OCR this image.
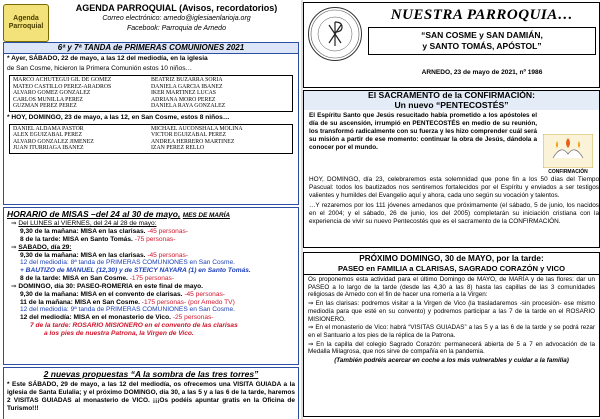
Agenda Parroquial
AGENDA PARROQUIAL (Avisos, recordatorios)
Correo electrónico: arnedo@iglesiaenlarioja.org
Facebook: Parroquia de Arnedo
6ª y 7ª TANDA de PRIMERAS COMUNIONES 2021
* Ayer, SÁBADO, 22 de mayo, a las 12 del mediodía, en la iglesia
de San Cosme, hicieron la Primera Comunión estos 10 niños…
MARCO ACHÚTEGUI GIL DE GÓMEZ	BEATRIZ BUZARRA SORIA
MATEO CASTILLO PÉREZ-ARADROS	DANIELA GARCÍA IBÁÑEZ
ÁLVARO GÓMEZ GONZÁLEZ	IKER MARTÍNEZ LUCAS
CARLOS MUNILLA PÉREZ	ADRIANA MORO PÉREZ
GUZMÁN PÉREZ PÉREZ	DANIELA RAYA GONZÁLEZ
* HOY, DOMINGO, 23 de mayo, a las 12, en San Cosme, estos 8 niños…
DANIEL ALDAMA PASTOR	MICHAEL AUCONSHALA MOLINA
ALEX EGUIZÁBAL PÉREZ	VÍCTOR EGUIZÁBAL PÉREZ
ÁLVARO GONZÁLEZ JIMÉNEZ	ANDREA HERRERO MARTÍNEZ
JUAN ITURRIAGA IBÁÑEZ	IZAN PÉREZ RELLO
HORARIO de MISAS –del 24 al 30 de mayo, MES DE MARÍA
⇒ Del LUNES al VIERNES, del 24 al 28 de mayo:
9,30 de la mañana: MISA en las clarisas. -45 personas-
8 de la tarde: MISA en Santo Tomás. -75 personas-
⇒ SÁBADO, día 29:
9,30 de la mañana: MISA en las clarisas. -45 personas-
12 del mediodía: 8ª tanda de PRIMERAS COMUNIONES en San Cosme.
+ BAUTIZO de MANUEL (12,30) y de STEICY NAYARA (1) en Santo Tomás.
8 de la tarde: MISA en San Cosme. -175 personas-
⇒ DOMINGO, día 30: PASEO-ROMERÍA en este final de mayo.
9,30 de la mañana: MISA en el convento de clarisas. -45 personas-
11 de la mañana: MISA en San Cosme. -175 personas- (por Arnedo TV)
12 del mediodía: 9ª tanda de PRIMERAS COMUNIONES en San Cosme.
12 del mediodía: MISA en el monasterio de Vico. -25 personas-
7 de la tarde: ROSARIO MISIONERO en el convento de las clarisas
a los pies de nuestra Patrona, la Virgen de Vico.
2 nuevas propuestas “A la sombra de las tres torres”
* Este SÁBADO, 29 de mayo, a las 12 del mediodía, os ofrecemos una VISITA GUIADA a la iglesia de Santa Eulalia; y el próximo DOMINGO, día 30, a las 5 y a las 6 de la tarde, haremos 2 VISITAS GUIADAS al monasterio de VICO. ¡¡¡Os podéis apuntar gratis en la Oficina de Turismo!!!
NUESTRA PARROQUIA…
“SAN COSME y SAN DAMIÁN,
y SANTO TOMÁS, APÓSTOL”
ARNEDO, 23 de mayo de 2021, nº 1986
El SACRAMENTO de la CONFIRMACIÓN:
Un nuevo “PENTECOSTÉS”
El Espíritu Santo que Jesús resucitado había prometido a los apóstoles el día de su ascensión, irrumpió en PENTECOSTÉS en medio de su reunión, los transformó radicalmente con su fuerza y les hizo comprender cuál será su misión a partir de ese momento: continuar la obra de Jesús, dándola a conocer por el mundo.

HOY, DOMINGO, día 23, celebraremos esta solemnidad que pone fin a los 50 días del Tiempo Pascual: todos los bautizados nos sentiremos fortalecidos por el Espíritu y enviados a ser testigos valientes y humildes del Evangelio aquí y ahora, cada uno según su vocación y talentos.

…Y rezaremos por los 111 jóvenes arnedanos que próximamente (el sábado, 5 de junio, los nacidos en el 2004; y el sábado, 26 de junio, los del 2005) completarán su iniciación cristiana con la experiencia de vivir su nuevo Pentecostés que es el sacramento de la CONFIRMACIÓN.

CONFIRMACIÓN
PRÓXIMO DOMINGO, 30 de MAYO, por la tarde:
PASEO en FAMILIA a CLARISAS, SAGRADO CORAZÓN y VICO

Os proponemos esta actividad para el último Domingo de MAYO, de MARÍA y de las flores: dar un PASEO a lo largo de la tarde (desde las 4,30 a las 8) hasta las capillas de las 3 comunidades religiosas de Arnedo con el fin de hacer una romería a la Virgen:

⇒ En las clarisas: podremos visitar a la Virgen de Vico (la trasladaremos -sin procesión- ese mismo mediodía para que esté en su convento) y podremos participar a las 7 de la tarde en el ROSARIO MISIONERO.

⇒ En el monasterio de Vico: habrá “VISITAS GUIADAS” a las 5 y a las 6 de la tarde y se podrá rezar en el Santuario a los pies de la réplica de la Patrona.

⇒ En la capilla del colegio Sagrado Corazón: permanecerá abierta de 5 a 7 en advocación de la Medalla Milagrosa, que nos sirve de compañía en la pandemia.

(También podréis acercar en coche a los más vulnerables y cuidar a la familia)
